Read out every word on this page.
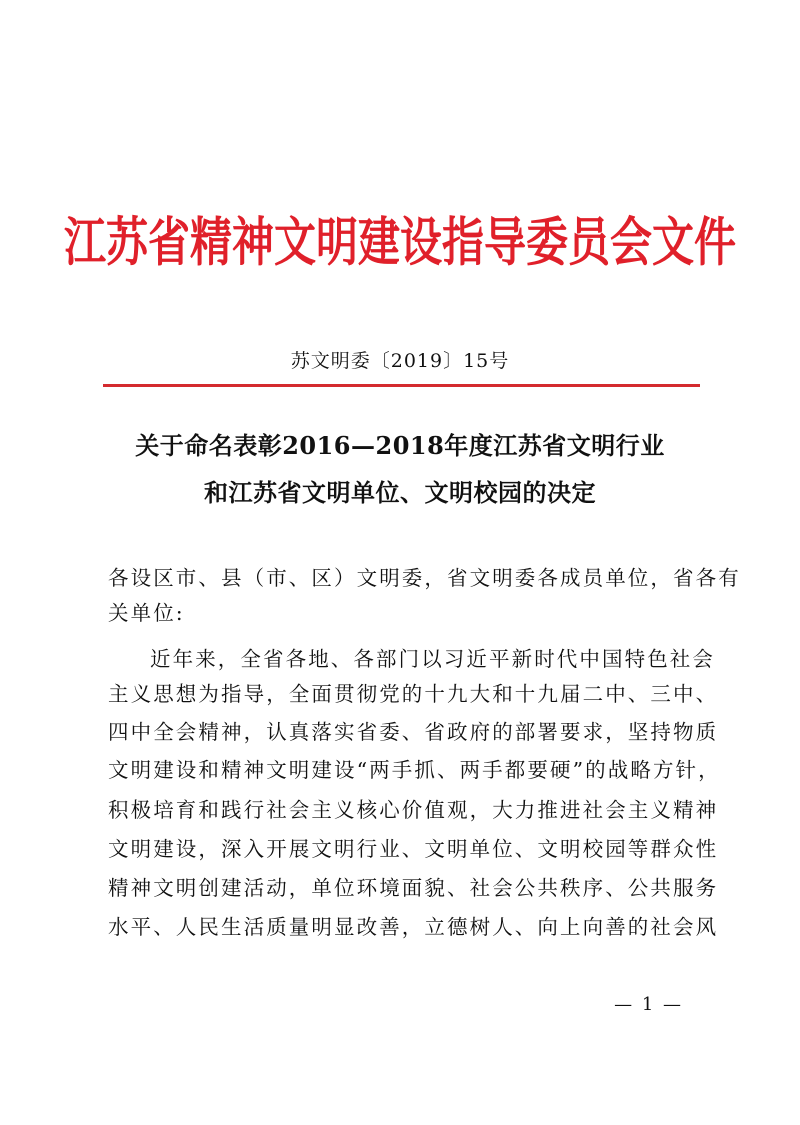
江苏省精神文明建设指导委员会文件
苏文明委〔2019〕15号
关于命名表彰2016—2018年度江苏省文明行业
和江苏省文明单位、文明校园的决定
各设区市、县（市、区）文明委，省文明委各成员单位，省各有
关单位:
近年来，全省各地、各部门以习近平新时代中国特色社会
主义思想为指导，全面贯彻党的十九大和十九届二中、三中、
四中全会精神，认真落实省委、省政府的部署要求，坚持物质
文明建设和精神文明建设“两手抓、两手都要硬”的战略方针，
积极培育和践行社会主义核心价值观，大力推进社会主义精神
文明建设，深入开展文明行业、文明单位、文明校园等群众性
精神文明创建活动，单位环境面貌、社会公共秩序、公共服务
水平、人民生活质量明显改善，立德树人、向上向善的社会风
— 1 —
